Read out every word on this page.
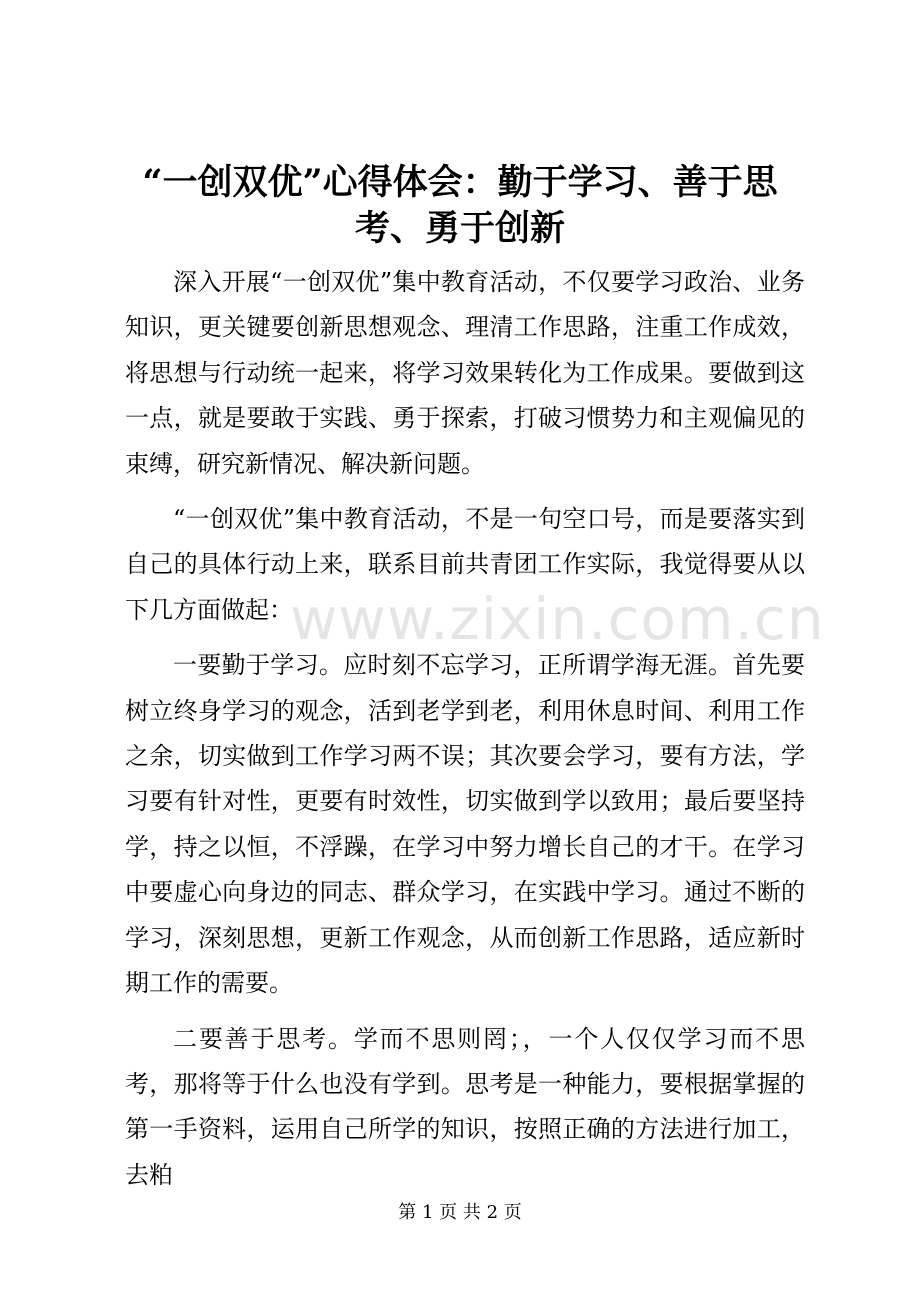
“一创双优”心得体会：勤于学习、善于思
考、勇于创新

深入开展“一创双优”集中教育活动，不仅要学习政治、业务知识，更关键要创新思想观念、理清工作思路，注重工作成效，将思想与行动统一起来，将学习效果转化为工作成果。要做到这一点，就是要敢于实践、勇于探索，打破习惯势力和主观偏见的束缚，研究新情况、解决新问题。

“一创双优”集中教育活动，不是一句空口号，而是要落实到自己的具体行动上来，联系目前共青团工作实际，我觉得要从以下几方面做起：

一要勤于学习。应时刻不忘学习，正所谓学海无涯。首先要树立终身学习的观念，活到老学到老，利用休息时间、利用工作之余，切实做到工作学习两不误；其次要会学习，要有方法，学习要有针对性，更要有时效性，切实做到学以致用；最后要坚持学，持之以恒，不浮躁，在学习中努力增长自己的才干。在学习中要虚心向身边的同志、群众学习，在实践中学习。通过不断的学习，深刻思想，更新工作观念，从而创新工作思路，适应新时期工作的需要。

二要善于思考。学而不思则罔；，一个人仅仅学习而不思考，那将等于什么也没有学到。思考是一种能力，要根据掌握的第一手资料，运用自己所学的知识，按照正确的方法进行加工，去粕

www.zixin.com.cn
第 1 页 共 2 页
